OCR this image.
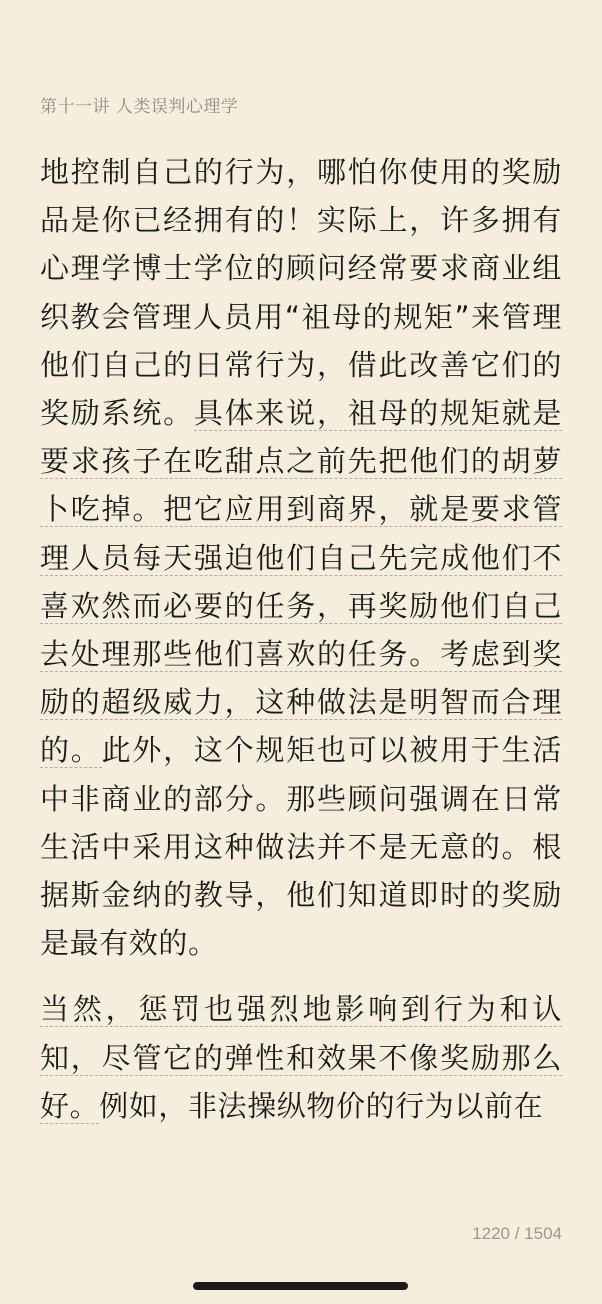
第十一讲 人类误判心理学

地控制自己的行为，哪怕你使用的奖励品是你已经拥有的！实际上，许多拥有心理学博士学位的顾问经常要求商业组织教会管理人员用“祖母的规矩”来管理他们自己的日常行为，借此改善它们的奖励系统。具体来说，祖母的规矩就是要求孩子在吃甜点之前先把他们的胡萝卜吃掉。把它应用到商界，就是要求管理人员每天强迫他们自己先完成他们不喜欢然而必要的任务，再奖励他们自己去处理那些他们喜欢的任务。考虑到奖励的超级威力，这种做法是明智而合理的。此外，这个规矩也可以被用于生活中非商业的部分。那些顾问强调在日常生活中采用这种做法并不是无意的。根据斯金纳的教导，他们知道即时的奖励是最有效的。

当然，惩罚也强烈地影响到行为和认知，尽管它的弹性和效果不像奖励那么好。例如，非法操纵物价的行为以前在

1220 / 1504
